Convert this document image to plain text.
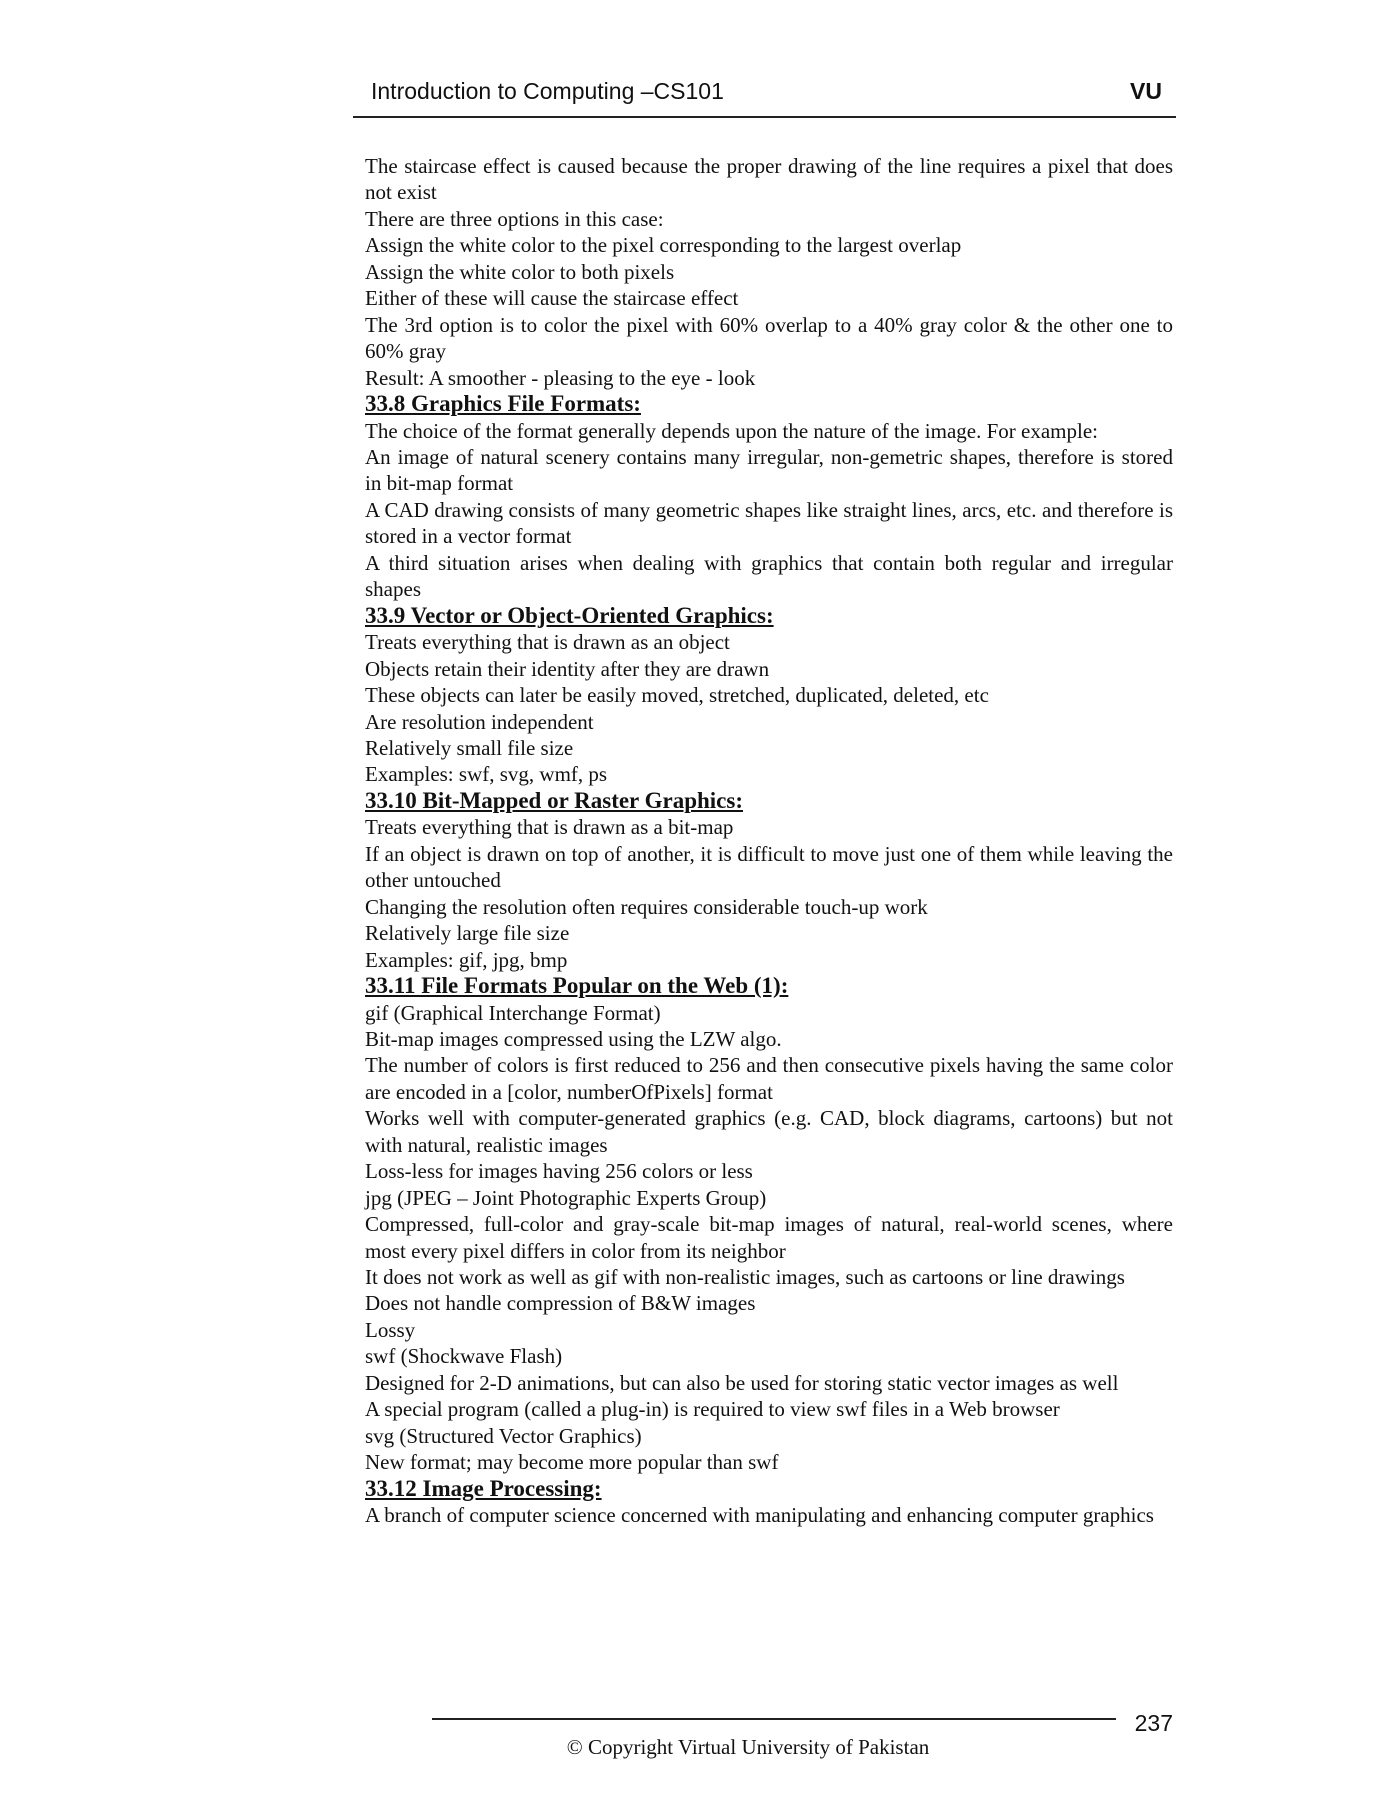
Introduction to Computing –CS101	VU

The staircase effect is caused because the proper drawing of the line requires a pixel that does not exist

There are three options in this case:

Assign the white color to the pixel corresponding to the largest overlap

Assign the white color to both pixels

Either of these will cause the staircase effect

The 3rd option is to color the pixel with 60% overlap to a 40% gray color & the other one to 60% gray

Result: A smoother - pleasing to the eye - look

33.8 Graphics File Formats:

The choice of the format generally depends upon the nature of the image. For example:

An image of natural scenery contains many irregular, non-gemetric shapes, therefore is stored in bit-map format

A CAD drawing consists of many geometric shapes like straight lines, arcs, etc. and therefore is stored in a vector format

A third situation arises when dealing with graphics that contain both regular and irregular shapes

33.9 Vector or Object-Oriented Graphics:

Treats everything that is drawn as an object

Objects retain their identity after they are drawn

These objects can later be easily moved, stretched, duplicated, deleted, etc

Are resolution independent

Relatively small file size

Examples: swf, svg, wmf, ps

33.10 Bit-Mapped or Raster Graphics:

Treats everything that is drawn as a bit-map

If an object is drawn on top of another, it is difficult to move just one of them while leaving the other untouched

Changing the resolution often requires considerable touch-up work

Relatively large file size

Examples: gif, jpg, bmp

33.11 File Formats Popular on the Web (1):

gif (Graphical Interchange Format)

Bit-map images compressed using the LZW algo.

The number of colors is first reduced to 256 and then consecutive pixels having the same color are encoded in a [color, numberOfPixels] format

Works well with computer-generated graphics (e.g. CAD, block diagrams, cartoons) but not with natural, realistic images

Loss-less for images having 256 colors or less

jpg (JPEG – Joint Photographic Experts Group)

Compressed, full-color and gray-scale bit-map images of natural, real-world scenes, where most every pixel differs in color from its neighbor

It does not work as well as gif with non-realistic images, such as cartoons or line drawings

Does not handle compression of B&W images

Lossy

swf (Shockwave Flash)

Designed for 2-D animations, but can also be used for storing static vector images as well

A special program (called a plug-in) is required to view swf files in a Web browser

svg (Structured Vector Graphics)

New format; may become more popular than swf

33.12 Image Processing:

A branch of computer science concerned with manipulating and enhancing computer graphics

237
© Copyright Virtual University of Pakistan
